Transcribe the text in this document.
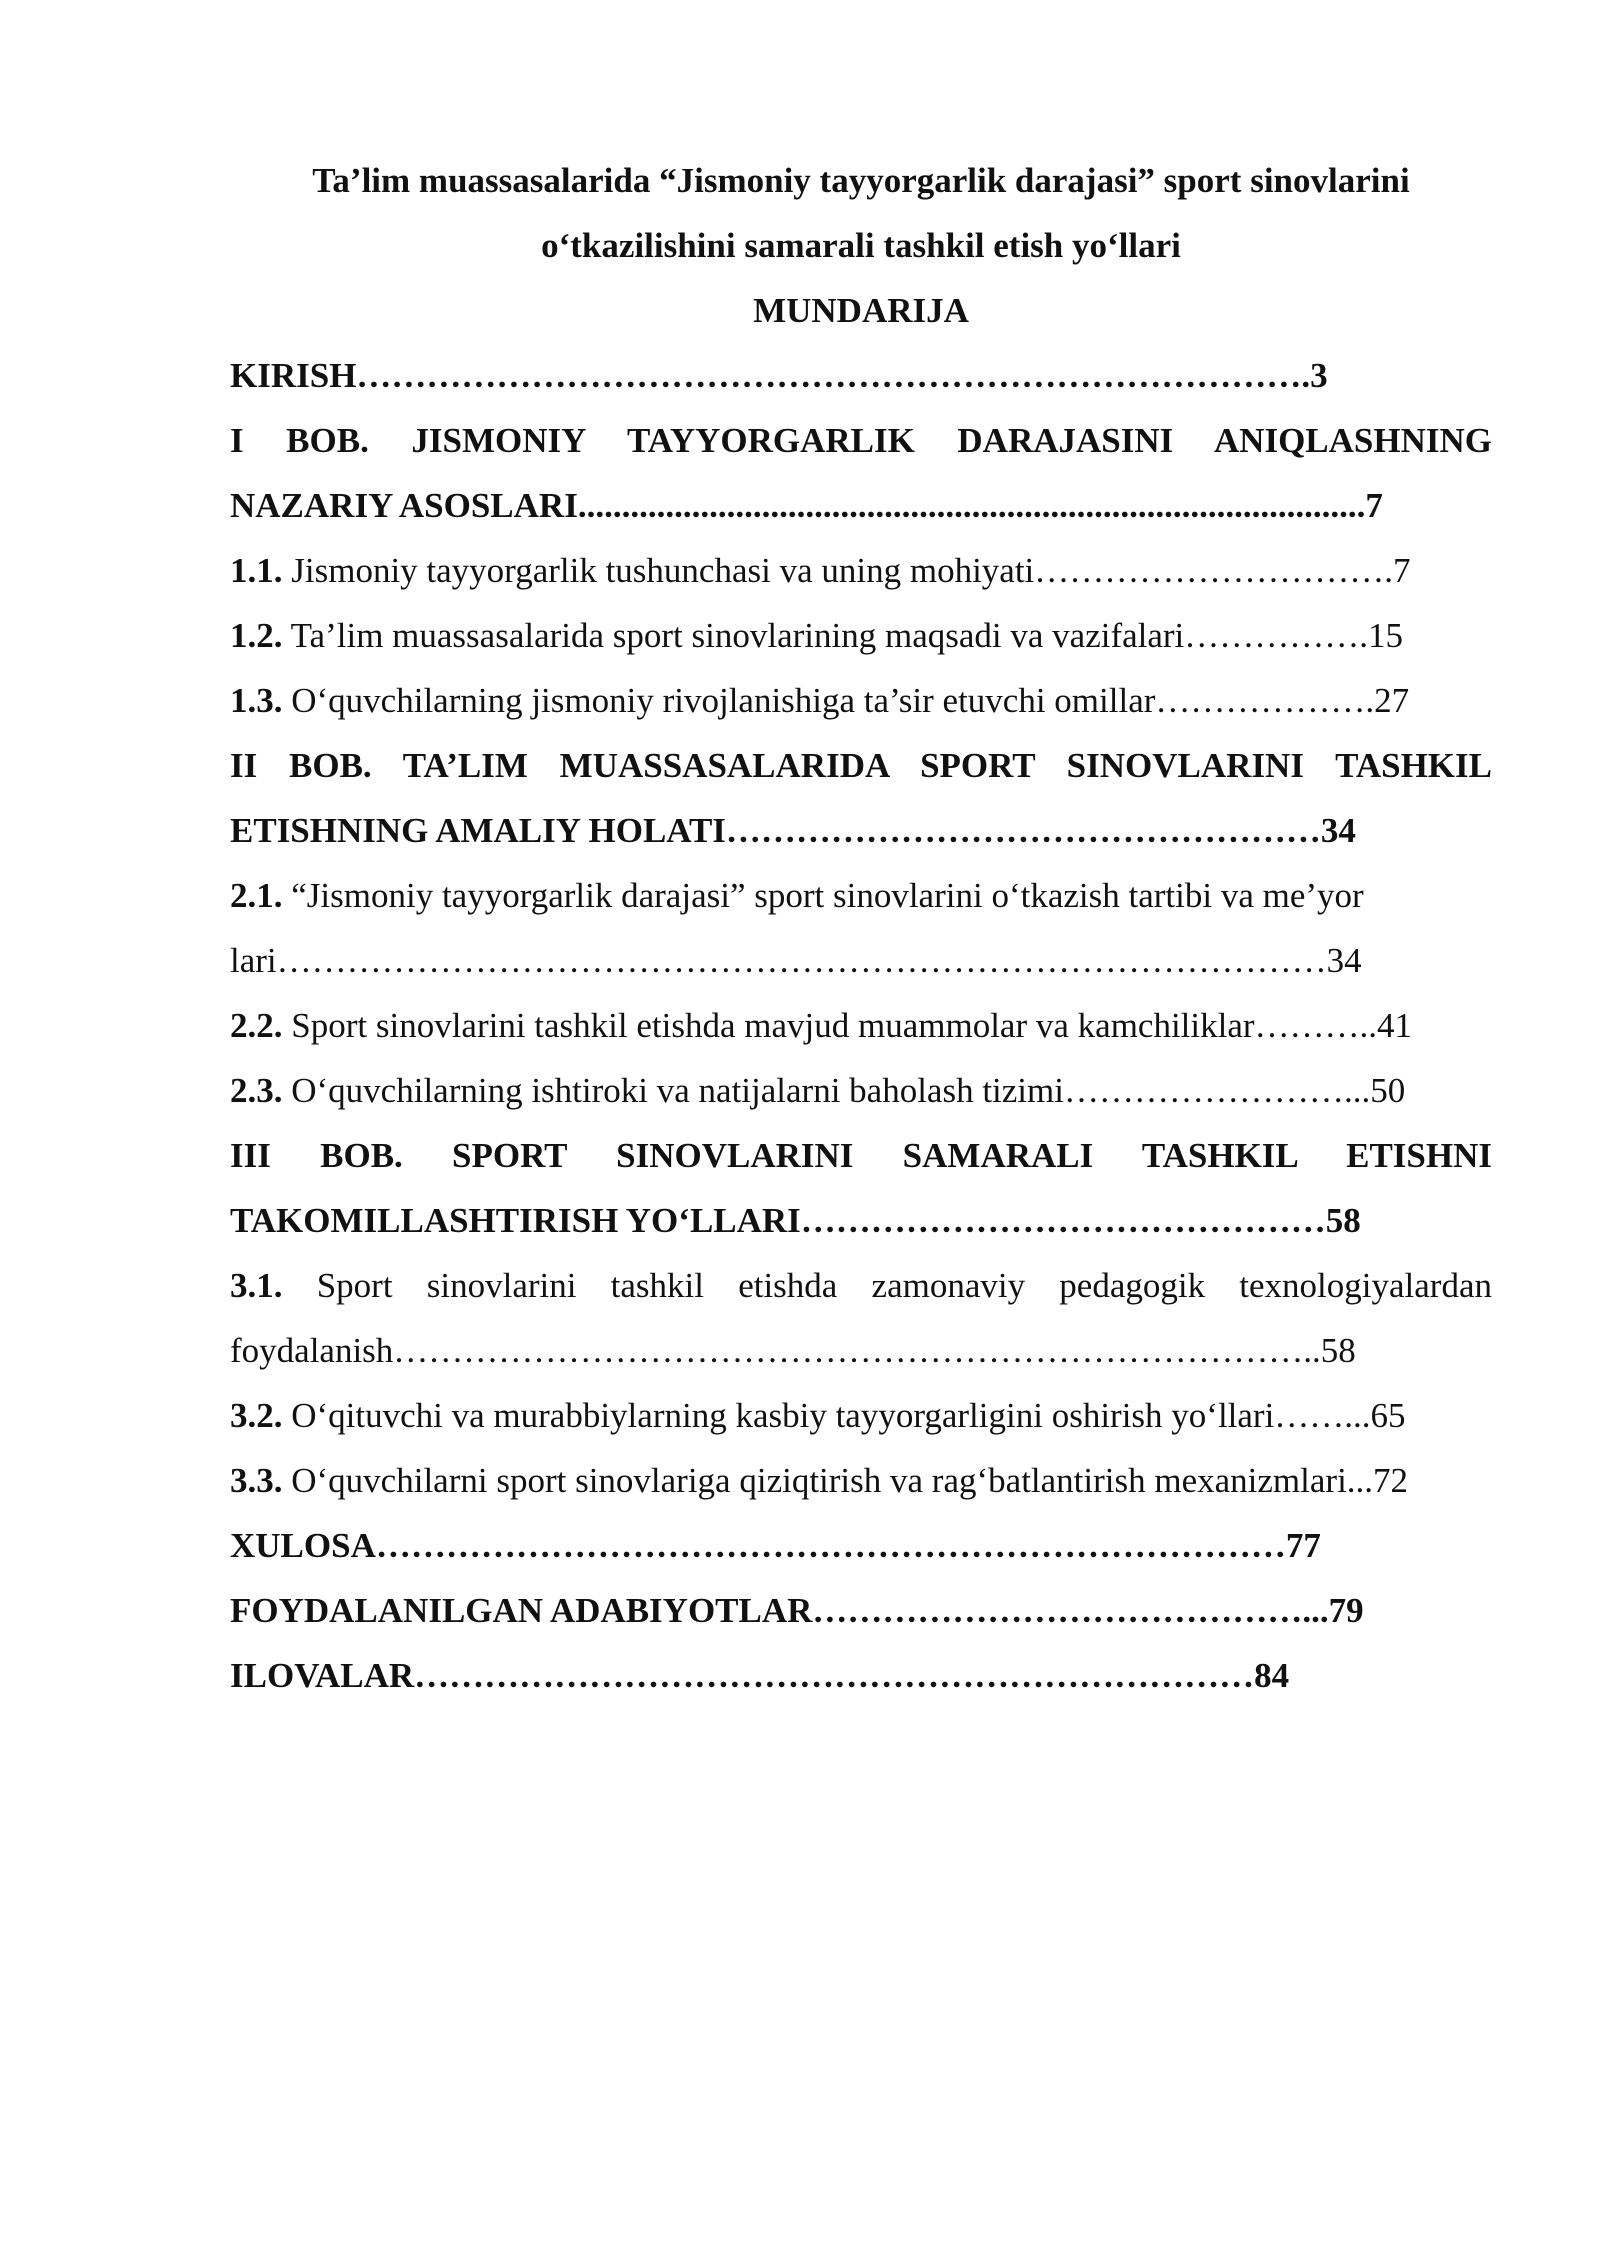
Ta’lim muassasalarida “Jismoniy tayyorgarlik darajasi” sport sinovlarini
o‘tkazilishini samarali tashkil etish yo‘llari
MUNDARIJA
KIRISH……………………………………………………………………….3
I BOB. JISMONIY TAYYORGARLIK DARAJASINI ANIQLASHNING
NAZARIY ASOSLARI..........................................................................................7
1.1. Jismoniy tayyorgarlik tushunchasi va uning mohiyati………………………….7
1.2. Ta’lim muassasalarida sport sinovlarining maqsadi va vazifalari…………….15
1.3. O‘quvchilarning jismoniy rivojlanishiga ta’sir etuvchi omillar……………….27
II BOB. TA’LIM MUASSASALARIDA SPORT SINOVLARINI TASHKIL
ETISHNING AMALIY HOLATI……………………………………………34
2.1. “Jismoniy tayyorgarlik darajasi” sport sinovlarini o‘tkazish tartibi va me’yor
lari………………………………………………………………………………34
2.2. Sport sinovlarini tashkil etishda mavjud muammolar va kamchiliklar………..41
2.3. O‘quvchilarning ishtiroki va natijalarni baholash tizimi……………………...50
III BOB. SPORT SINOVLARINI SAMARALI TASHKIL ETISHNI
TAKOMILLASHTIRISH YO‘LLARI………………………………………58
3.1. Sport sinovlarini tashkil etishda zamonaviy pedagogik texnologiyalardan
foydalanish……………………………………………………………………..58
3.2. O‘qituvchi va murabbiylarning kasbiy tayyorgarligini oshirish yo‘llari……...65
3.3. O‘quvchilarni sport sinovlariga qiziqtirish va rag‘batlantirish mexanizmlari...72
XULOSA……………………………………………………………………77
FOYDALANILGAN ADABIYOTLAR……………………………………...79
ILOVALAR………………………………………………………………84
